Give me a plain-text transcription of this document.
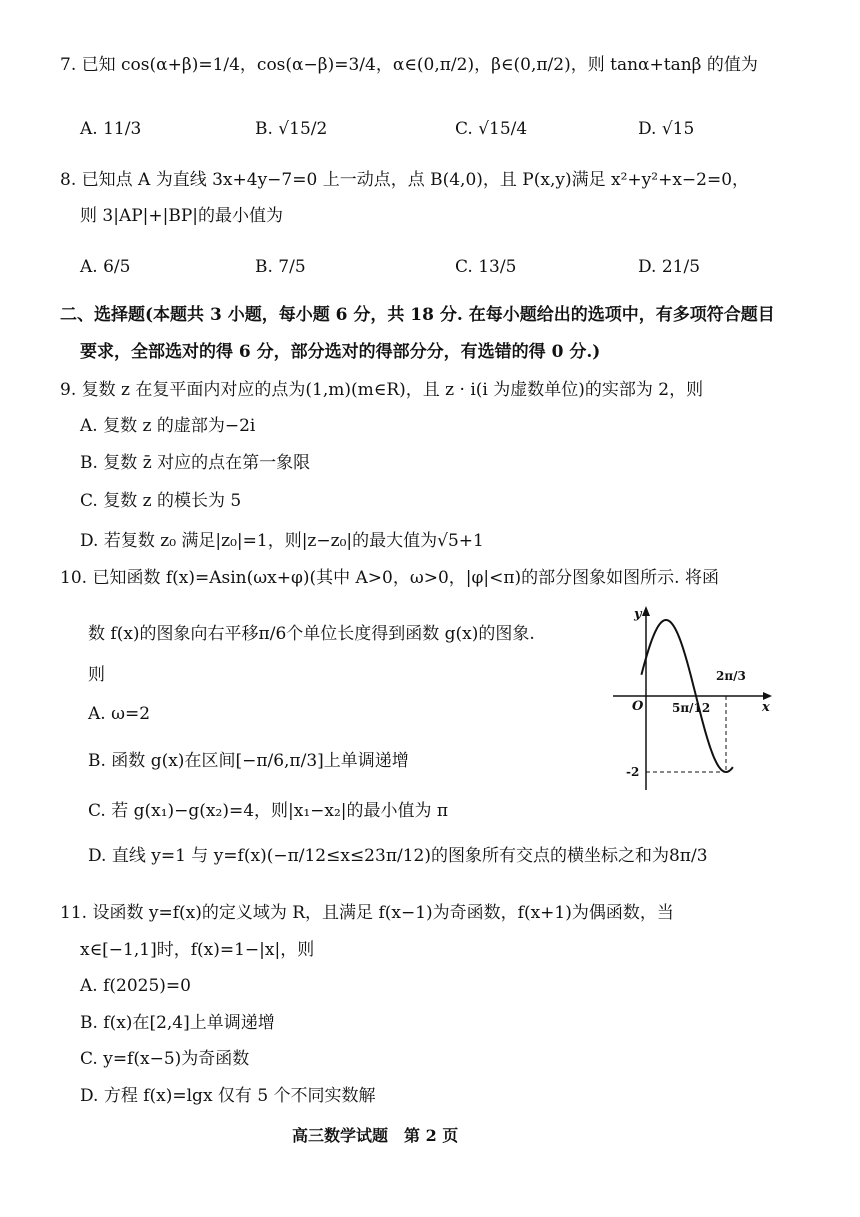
7. 已知 cos(α+β)=1/4，cos(α−β)=3/4，α∈(0,π/2)，β∈(0,π/2)，则 tanα+tanβ 的值为
A. 11/3	B. √15/2	C. √15/4	D. √15
8. 已知点 A 为直线 3x+4y−7=0 上一动点，点 B(4,0)，且 P(x,y)满足 x²+y²+x−2=0，
则 3|AP|+|BP|的最小值为
A. 6/5	B. 7/5	C. 13/5	D. 21/5
二、选择题(本题共 3 小题，每小题 6 分，共 18 分. 在每小题给出的选项中，有多项符合题目
要求，全部选对的得 6 分，部分选对的得部分分，有选错的得 0 分.)
9. 复数 z 在复平面内对应的点为(1,m)(m∈R)，且 z · i(i 为虚数单位)的实部为 2，则
A. 复数 z 的虚部为−2i
B. 复数 z̄ 对应的点在第一象限
C. 复数 z 的模长为 5
D. 若复数 z₀ 满足|z₀|=1，则|z−z₀|的最大值为√5+1
10. 已知函数 f(x)=Asin(ωx+φ)(其中 A>0，ω>0，|φ|<π)的部分图象如图所示. 将函
数 f(x)的图象向右平移π/6个单位长度得到函数 g(x)的图象.
则
A. ω=2
B. 函数 g(x)在区间[−π/6,π/3]上单调递增
C. 若 g(x₁)−g(x₂)=4，则|x₁−x₂|的最小值为 π
D. 直线 y=1 与 y=f(x)(−π/12≤x≤23π/12)的图象所有交点的横坐标之和为8π/3
y
x
O 5π/12
2π/3
-2
11. 设函数 y=f(x)的定义域为 R，且满足 f(x−1)为奇函数，f(x+1)为偶函数，当
x∈[−1,1]时，f(x)=1−|x|，则
A. f(2025)=0
B. f(x)在[2,4]上单调递增
C. y=f(x−5)为奇函数
D. 方程 f(x)=lgx 仅有 5 个不同实数解
高三数学试题　第 2 页
